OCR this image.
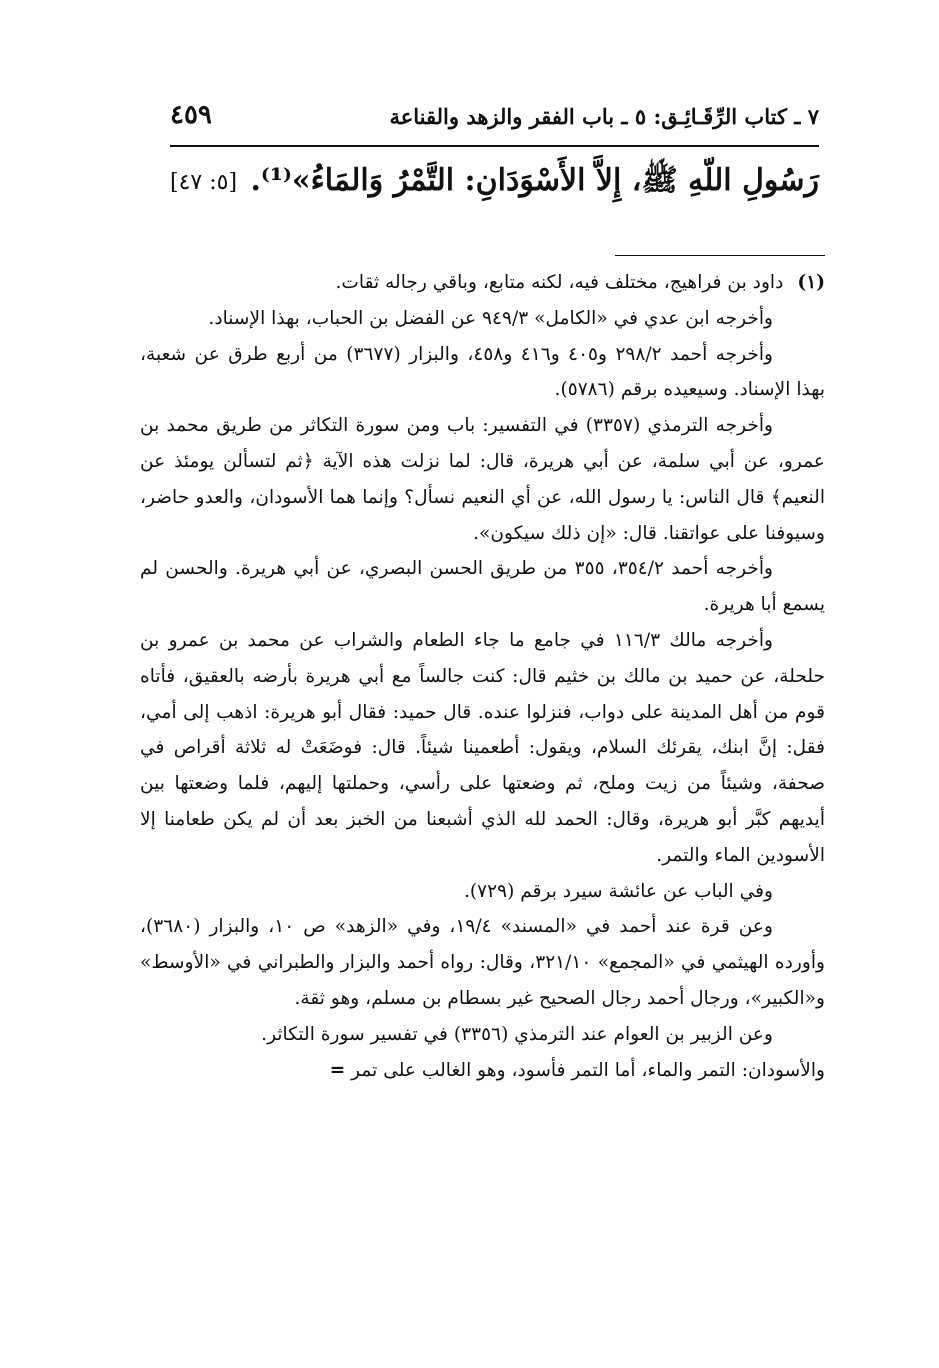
٧ ـ كتاب الرِّقَـائِـق: ٥ ـ باب الفقر والزهد والقناعة
٤٥٩
رَسُولِ اللّهِ ﷺ، إِلاَّ الأَسْوَدَانِ: التَّمْرُ وَالمَاءُ»⁽¹⁾.
[٥: ٤٧]

(١)داود بن فراهيج، مختلف فيه، لكنه متابع، وباقي رجاله ثقات.

وأخرجه ابن عدي في «الكامل» ٩٤٩/٣ عن الفضل بن الحباب، بهذا الإسناد.

وأخرجه أحمد ٢٩٨/٢ و٤٠٥ و٤١٦ و٤٥٨، والبزار (٣٦٧٧) من أربع طرق عن شعبة، بهذا الإسناد. وسيعيده برقم (٥٧٨٦).

وأخرجه الترمذي (٣٣٥٧) في التفسير: باب ومن سورة التكاثر من طريق محمد بن عمرو، عن أبي سلمة، عن أبي هريرة، قال: لما نزلت هذه الآية ﴿ثم لتسألن يومئذ عن النعيم﴾ قال الناس: يا رسول الله، عن أي النعيم نسأل؟ وإنما هما الأسودان، والعدو حاضر، وسيوفنا على عواتقنا. قال: «إن ذلك سيكون».

وأخرجه أحمد ٣٥٤/٢، ٣٥٥ من طريق الحسن البصري، عن أبي هريرة. والحسن لم يسمع أبا هريرة.

وأخرجه مالك ١١٦/٣ في جامع ما جاء الطعام والشراب عن محمد بن عمرو بن حلحلة، عن حميد بن مالك بن خثيم قال: كنت جالساً مع أبي هريرة بأرضه بالعقيق، فأتاه قوم من أهل المدينة على دواب، فنزلوا عنده. قال حميد: فقال أبو هريرة: اذهب إلى أمي، فقل: إنَّ ابنك، يقرئك السلام، ويقول: أطعمينا شيئاً. قال: فوضَعَتْ له ثلاثة أقراص في صحفة، وشيئاً من زيت وملح، ثم وضعتها على رأسي، وحملتها إليهم، فلما وضعتها بين أيديهم كبَّر أبو هريرة، وقال: الحمد لله الذي أشبعنا من الخبز بعد أن لم يكن طعامنا إلا الأسودين الماء والتمر.

وفي الباب عن عائشة سيرد برقم (٧٢٩).

وعن قرة عند أحمد في «المسند» ١٩/٤، وفي «الزهد» ص ١٠، والبزار (٣٦٨٠)، وأورده الهيثمي في «المجمع» ٣٢١/١٠، وقال: رواه أحمد والبزار والطبراني في «الأوسط» و«الكبير»، ورجال أحمد رجال الصحيح غير بسطام بن مسلم، وهو ثقة.

وعن الزبير بن العوام عند الترمذي (٣٣٥٦) في تفسير سورة التكاثر.

والأسودان: التمر والماء، أما التمر فأسود، وهو الغالب على تمر =
